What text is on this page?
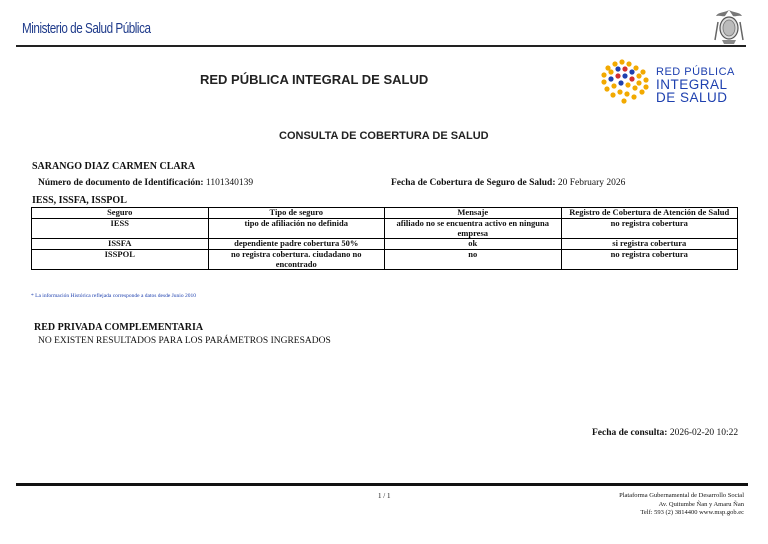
Ministerio de Salud Pública
RED PÚBLICA INTEGRAL DE SALUD	RED PÚBLICA
INTEGRAL
DE SALUD
CONSULTA DE COBERTURA DE SALUD
SARANGO DIAZ CARMEN CLARA
Número de documento de Identificación: 1101340139	Fecha de Cobertura de Seguro de Salud: 20 February 2026
IESS, ISSFA, ISSPOL
Seguro	Tipo de seguro	Mensaje	Registro de Cobertura de Atención de Salud
IESS	tipo de afiliación no definida	afiliado no se encuentra activo en ninguna empresa	no registra cobertura
ISSFA	dependiente padre cobertura 50%	ok	si registra cobertura
ISSPOL	no registra cobertura. ciudadano no encontrado	no	no registra cobertura
* La información Histórica reflejada corresponde a datos desde Junio 2010
RED PRIVADA COMPLEMENTARIA
NO EXISTEN RESULTADOS PARA LOS PARÁMETROS INGRESADOS
Fecha de consulta: 2026-02-20 10:22
1 / 1	Plataforma Gubernamental de Desarrollo Social
Av. Quitumbe Ñan y Amaru Ñan
Telf: 593 (2) 3814400 www.msp.gob.ec
